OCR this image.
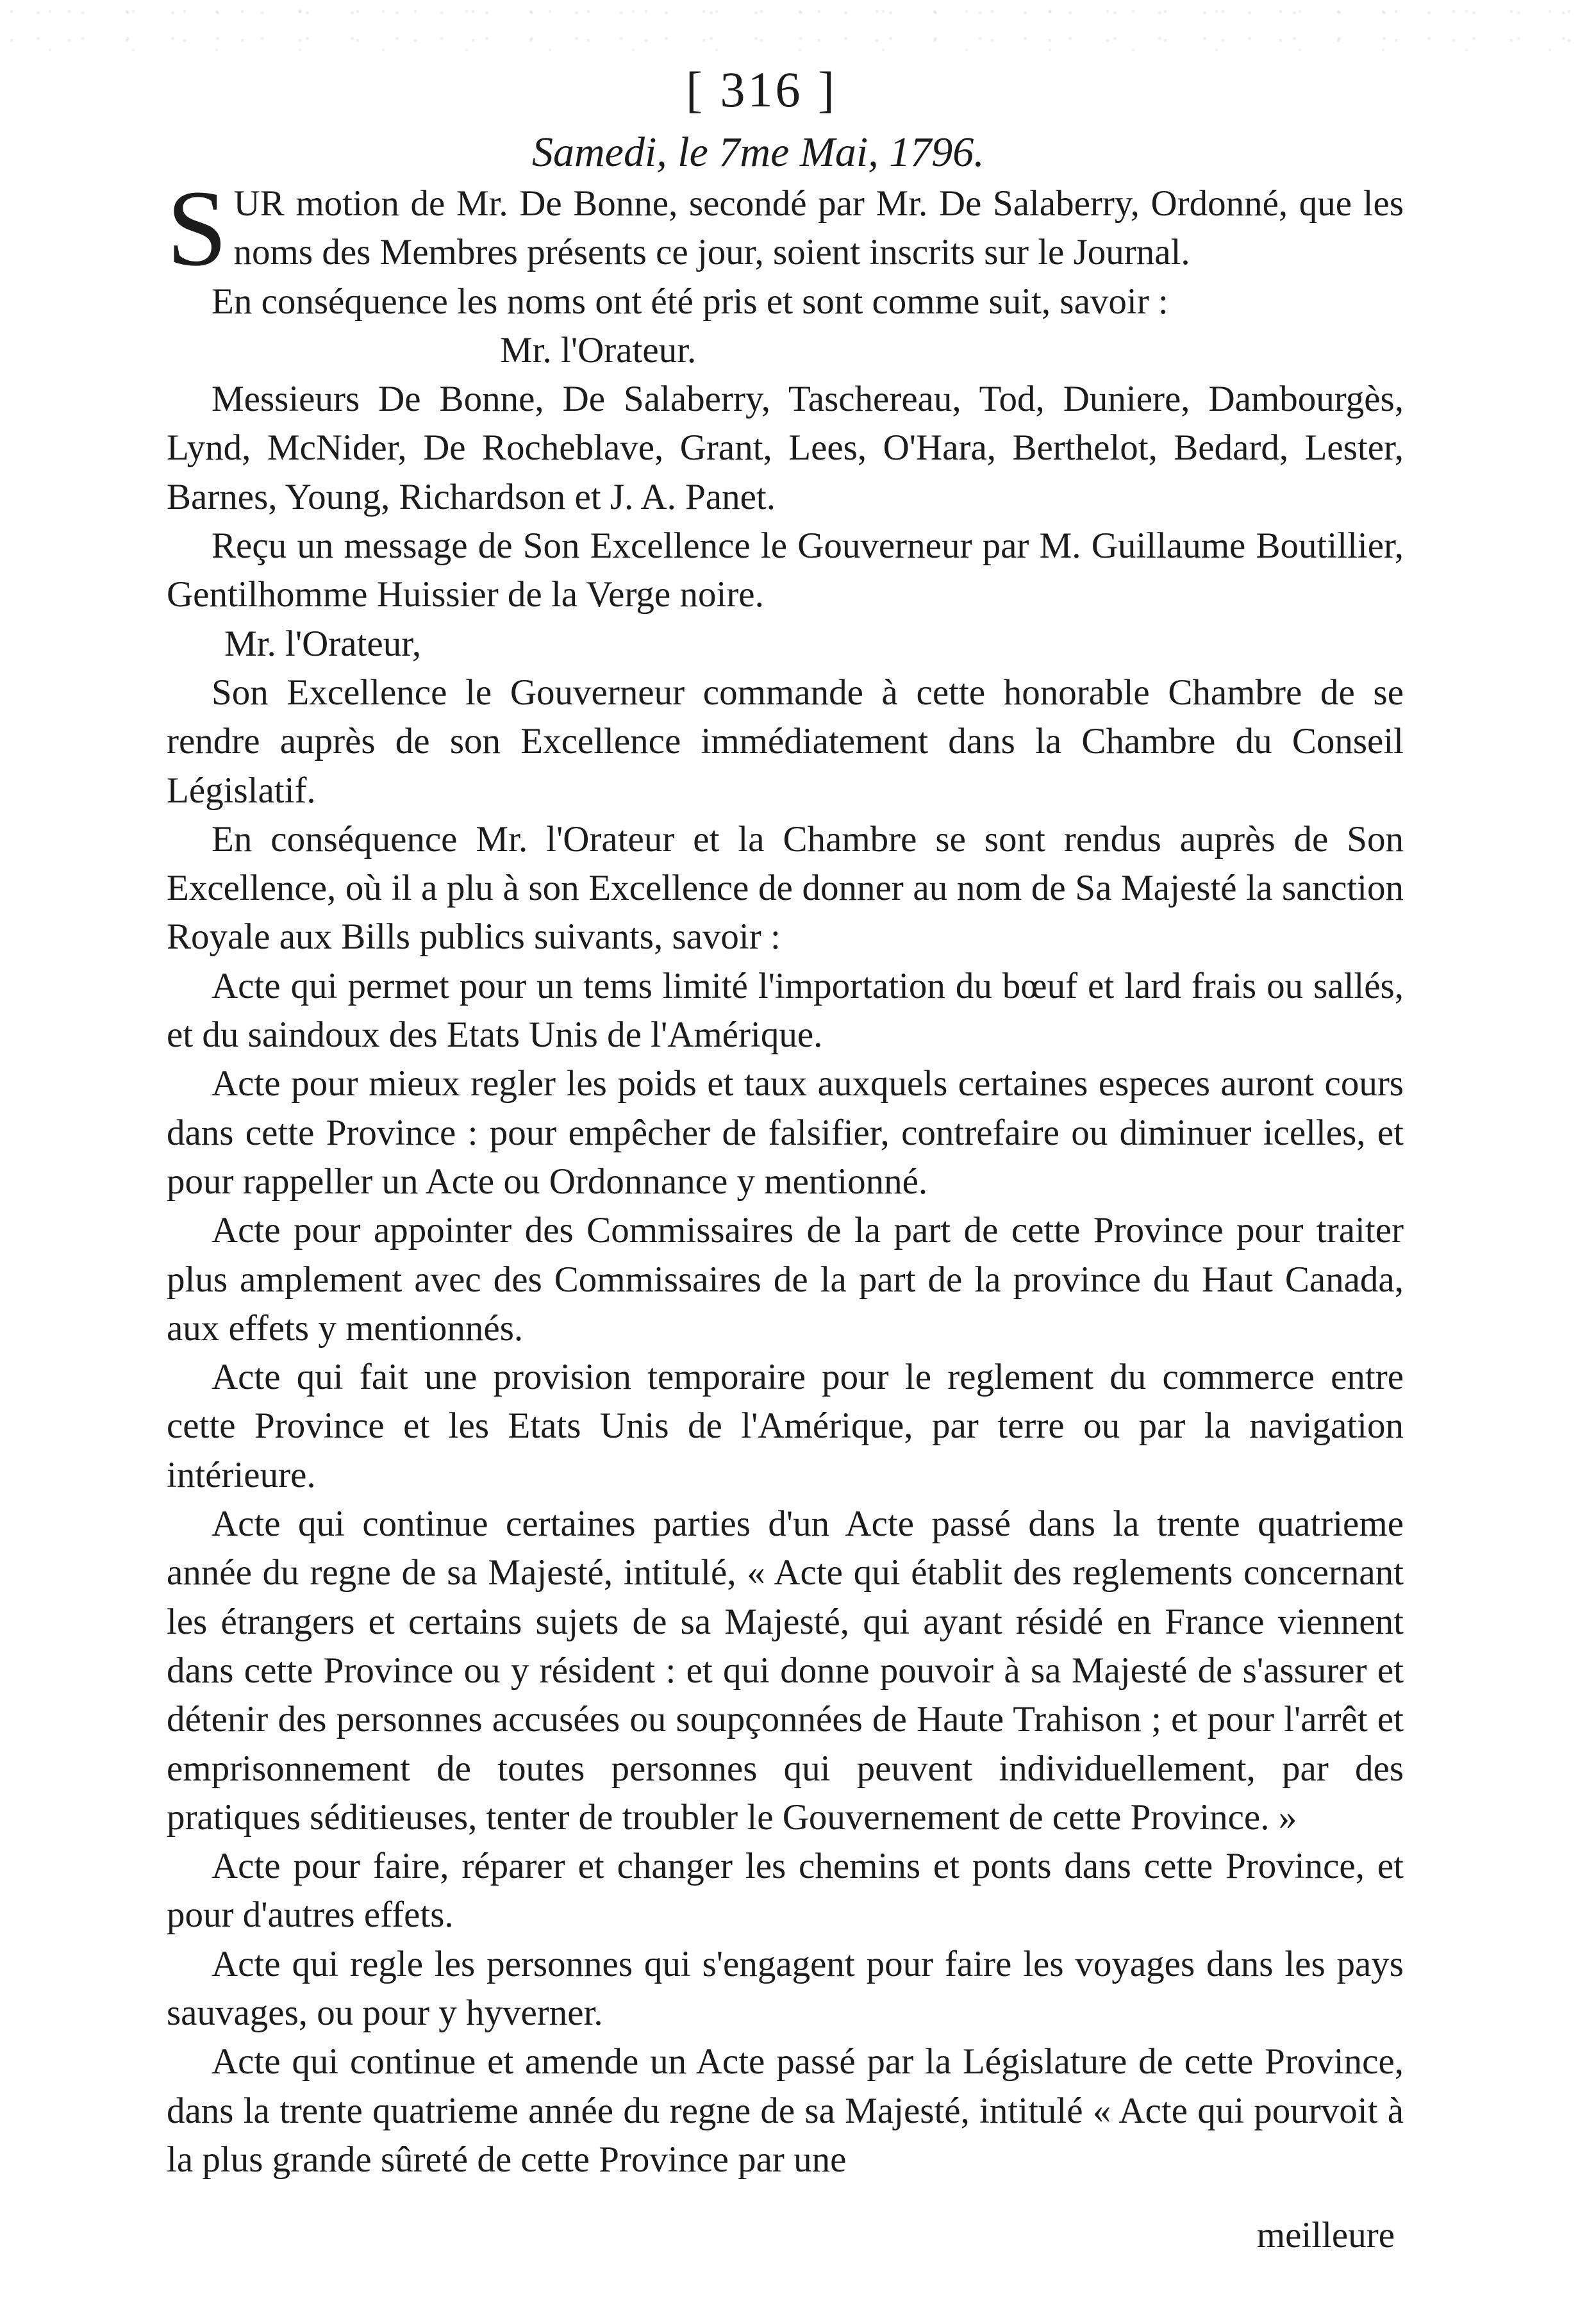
[ 316 ]
Samedi, le 7me Mai, 1796.

SUR motion de Mr. De Bonne, secondé par Mr. De Salaberry, Ordonné, que les noms des Membres présents ce jour, soient inscrits sur le Journal.

En conséquence les noms ont été pris et sont comme suit, savoir :

Mr. l'Orateur.

Messieurs De Bonne, De Salaberry, Taschereau, Tod, Duniere, Dambourgès, Lynd, McNider, De Rocheblave, Grant, Lees, O'Hara, Berthelot, Bedard, Lester, Barnes, Young, Richardson et J. A. Panet.

Reçu un message de Son Excellence le Gouverneur par M. Guillaume Boutillier, Gentilhomme Huissier de la Verge noire.

Mr. l'Orateur,

Son Excellence le Gouverneur commande à cette honorable Chambre de se rendre auprès de son Excellence immédiatement dans la Chambre du Conseil Législatif.

En conséquence Mr. l'Orateur et la Chambre se sont rendus auprès de Son Excellence, où il a plu à son Excellence de donner au nom de Sa Majesté la sanction Royale aux Bills publics suivants, savoir :

Acte qui permet pour un tems limité l'importation du bœuf et lard frais ou sallés, et du saindoux des Etats Unis de l'Amérique.

Acte pour mieux regler les poids et taux auxquels certaines especes auront cours dans cette Province : pour empêcher de falsifier, contrefaire ou diminuer icelles, et pour rappeller un Acte ou Ordonnance y mentionné.

Acte pour appointer des Commissaires de la part de cette Province pour traiter plus amplement avec des Commissaires de la part de la province du Haut Canada, aux effets y mentionnés.

Acte qui fait une provision temporaire pour le reglement du commerce entre cette Province et les Etats Unis de l'Amérique, par terre ou par la navigation intérieure.

Acte qui continue certaines parties d'un Acte passé dans la trente quatrieme année du regne de sa Majesté, intitulé, « Acte qui établit des reglements concernant les étrangers et certains sujets de sa Majesté, qui ayant résidé en France viennent dans cette Province ou y résident : et qui donne pouvoir à sa Majesté de s'assurer et détenir des personnes accusées ou soupçonnées de Haute Trahison ; et pour l'arrêt et emprisonnement de toutes personnes qui peuvent individuellement, par des pratiques séditieuses, tenter de troubler le Gouvernement de cette Province. »

Acte pour faire, réparer et changer les chemins et ponts dans cette Province, et pour d'autres effets.

Acte qui regle les personnes qui s'engagent pour faire les voyages dans les pays sauvages, ou pour y hyverner.

Acte qui continue et amende un Acte passé par la Législature de cette Province, dans la trente quatrieme année du regne de sa Majesté, intitulé « Acte qui pourvoit à la plus grande sûreté de cette Province par une

meilleure
